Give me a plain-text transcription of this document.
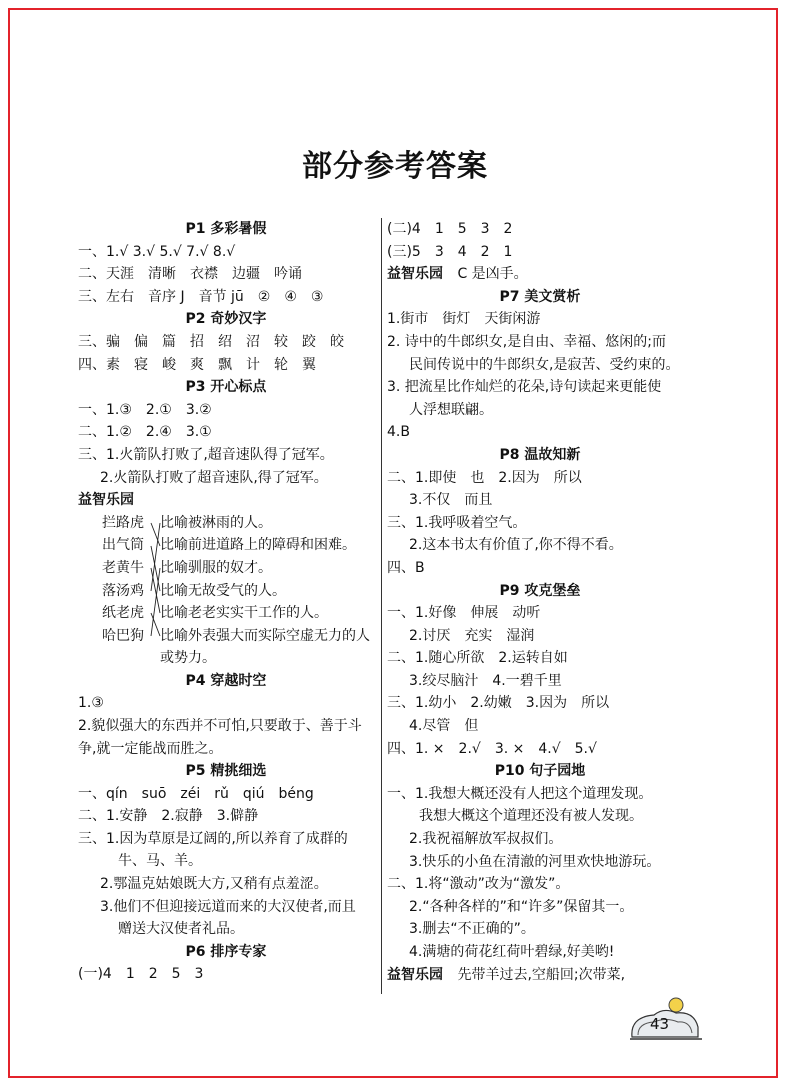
部分参考答案
P1 多彩暑假
一、1.√ 3.√ 5.√ 7.√ 8.√
二、天涯　清晰　衣襟　边疆　吟诵
三、左右　音序 J　音节 jū　②　④　③
P2 奇妙汉字
三、骗　偏　篇　招　绍　沼　较　跤　皎
四、素　寝　峻　爽　飘　计　轮　翼
P3 开心标点
一、1.③　2.①　3.②
二、1.②　2.④　3.①
三、1.火箭队打败了,超音速队得了冠军。
2.火箭队打败了超音速队,得了冠军。
益智乐园
拦路虎
出气筒
老黄牛
落汤鸡
纸老虎
哈巴狗
比喻被淋雨的人。
比喻前进道路上的障碍和困难。
比喻驯服的奴才。
比喻无故受气的人。
比喻老老实实干工作的人。
比喻外表强大而实际空虚无力的人
或势力。
P4 穿越时空
1.③
2.貌似强大的东西并不可怕,只要敢于、善于斗
争,就一定能战而胜之。
P5 精挑细选
一、qín　suō　zéi　rǔ　qiú　béng
二、1.安静　2.寂静　3.僻静
三、1.因为草原是辽阔的,所以养育了成群的
牛、马、羊。
2.鄂温克姑娘既大方,又稍有点羞涩。
3.他们不但迎接远道而来的大汉使者,而且
赠送大汉使者礼品。
P6 排序专家
(一)4　1　2　5　3
(二)4　1　5　3　2
(三)5　3　4　2　1
益智乐园 C 是凶手。
P7 美文赏析
1.街市　街灯　天街闲游
2. 诗中的牛郎织女,是自由、幸福、悠闲的;而
民间传说中的牛郎织女,是寂苦、受约束的。
3. 把流星比作灿烂的花朵,诗句读起来更能使
人浮想联翩。
4.B
P8 温故知新
二、1.即使　也　2.因为　所以
3.不仅　而且
三、1.我呼吸着空气。
2.这本书太有价值了,你不得不看。
四、B
P9 攻克堡垒
一、1.好像　伸展　动听
2.讨厌　充实　湿润
二、1.随心所欲　2.运转自如
3.绞尽脑汁　4.一碧千里
三、1.幼小　2.幼嫩　3.因为　所以
4.尽管　但
四、1. ×　2.√　3. ×　4.√　5.√
P10 句子园地
一、1.我想大概还没有人把这个道理发现。
我想大概这个道理还没有被人发现。
2.我祝福解放军叔叔们。
3.快乐的小鱼在清澈的河里欢快地游玩。
二、1.将“激动”改为“激发”。
2.“各种各样的”和“许多”保留其一。
3.删去“不正确的”。
4.满塘的荷花红荷叶碧绿,好美哟!
益智乐园 先带羊过去,空船回;次带菜,
43
